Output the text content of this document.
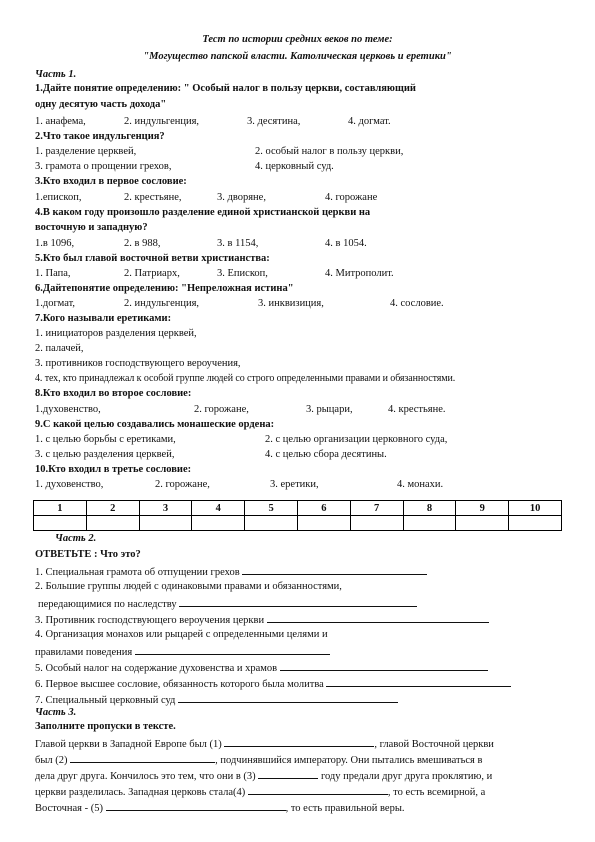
Тест по истории средних веков по теме:
"Могущество папской власти. Католическая церковь и еретики"
Часть 1.
1.Дайте понятие определению: " Особый налог в пользу церкви, составляющий
одну десятую часть дохода"
1. анафема,	2. индульгенция,	3. десятина,	4. догмат.
2.Что такое индульгенция?
1. разделение церквей,	2. особый налог в пользу церкви,
3. грамота о прощении грехов,	4. церковный суд.
3.Кто входил в первое сословие:
1.епископ,	2. крестьяне,	3. дворяне,	4. горожане
4.В каком году произошло разделение единой христианской церкви на
восточную и западную?
1.в 1096,	2. в 988,	3. в 1154,	4. в 1054.
5.Кто был главой восточной ветви христианства:
1. Папа,	2. Патриарх,	3. Епископ,	4. Митрополит.
6.Дайтепонятие определению: "Непреложная истина"
1.догмат,	2. индульгенция,	3. инквизиция,	4. сословие.
7.Кого называли еретиками:
1. инициаторов разделения церквей,
2. палачей,
3. противников господствующего вероучения,
4. тех, кто принадлежал к особой группе людей со строго определенными правами и обязанностями.
8.Кто входил во второе сословие:
1.духовенство,	2. горожане,	3. рыцари,	4. крестьяне.
9.С какой целью создавались монашеские ордена:
1. с целью борьбы с еретиками,	2. с целью организации церковного суда,
3. с целью разделения церквей,	4. с целью сбора десятины.
10.Кто входил в третье сословие:
1. духовенство,	2. горожане,	3. еретики,	4. монахи.
1	2	3	4	5	6	7	8	9	10

Часть 2.
ОТВЕТЬТЕ : Что это?
1. Специальная грамота об отпущении грехов
2. Большие группы людей с одинаковыми правами и обязанностями,
передающимися по наследству
3. Противник господствующего вероучения церкви
4. Организация монахов или рыцарей с определенными целями и
правилами поведения
5. Особый налог на содержание духовенства и храмов
6. Первое высшее сословие, обязанность которого была молитва
7. Специальный церковный суд
Часть 3.
Заполните пропуски в тексте.
Главой церкви в Западной Европе был (1)	, главой Восточной церкви
был (2)	, подчинявшийся императору. Они пытались вмешиваться в
дела друг друга. Кончилось это тем, что они в (3)	году предали друг друга проклятию, и
церкви разделилась. Западная церковь стала(4)	, то есть всемирной, а
Восточная - (5)	, то есть правильной веры.
